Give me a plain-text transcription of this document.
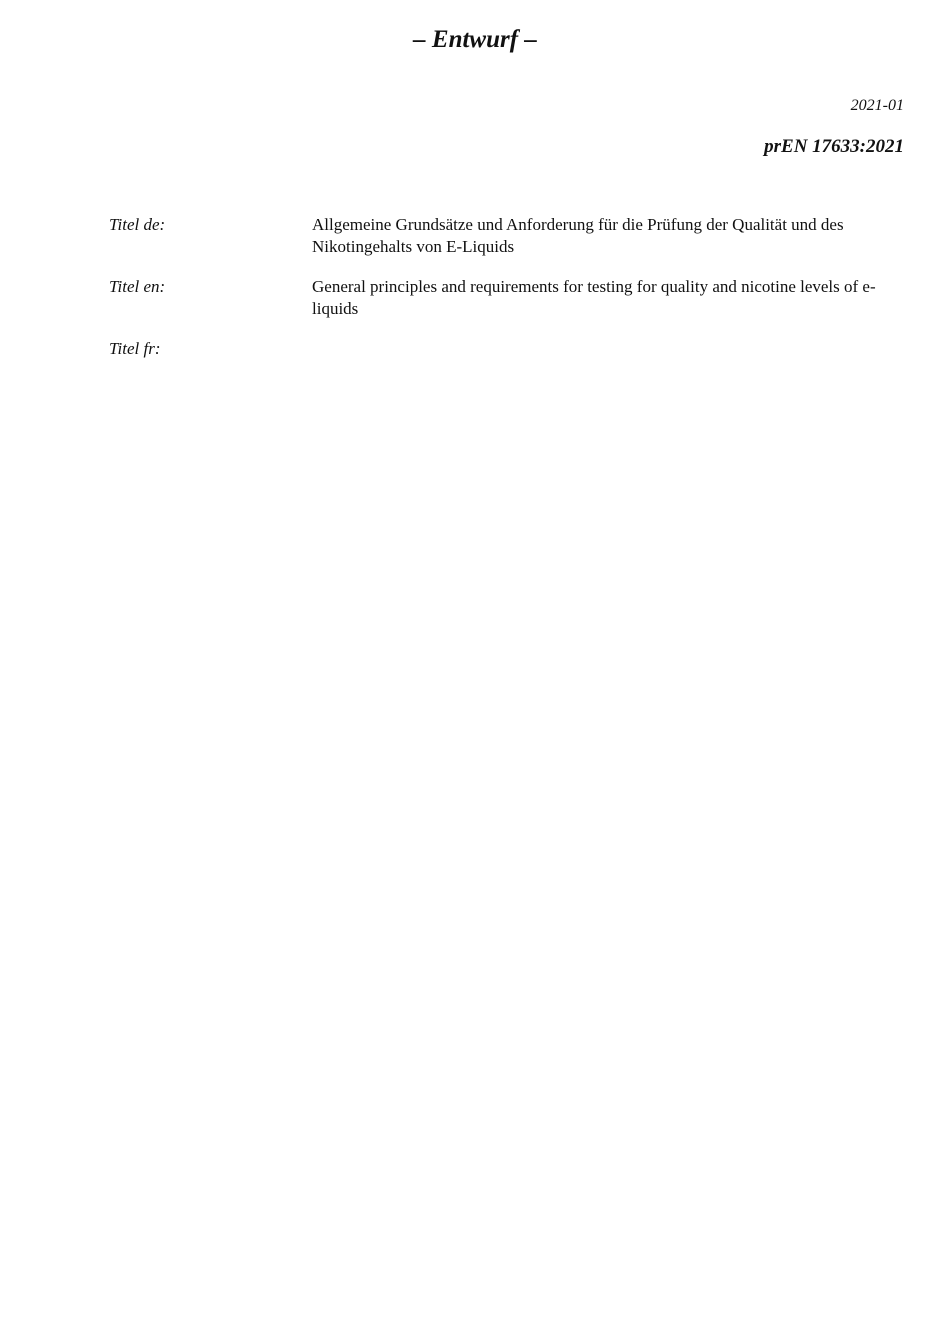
– Entwurf –
2021-01
prEN 17633:2021
Titel de:	Allgemeine Grundsätze und Anforderung für die Prüfung der Qualität und des Nikotingehalts von E-Liquids
Titel en:	General principles and requirements for testing for quality and nicotine levels of e-liquids
Titel fr:
